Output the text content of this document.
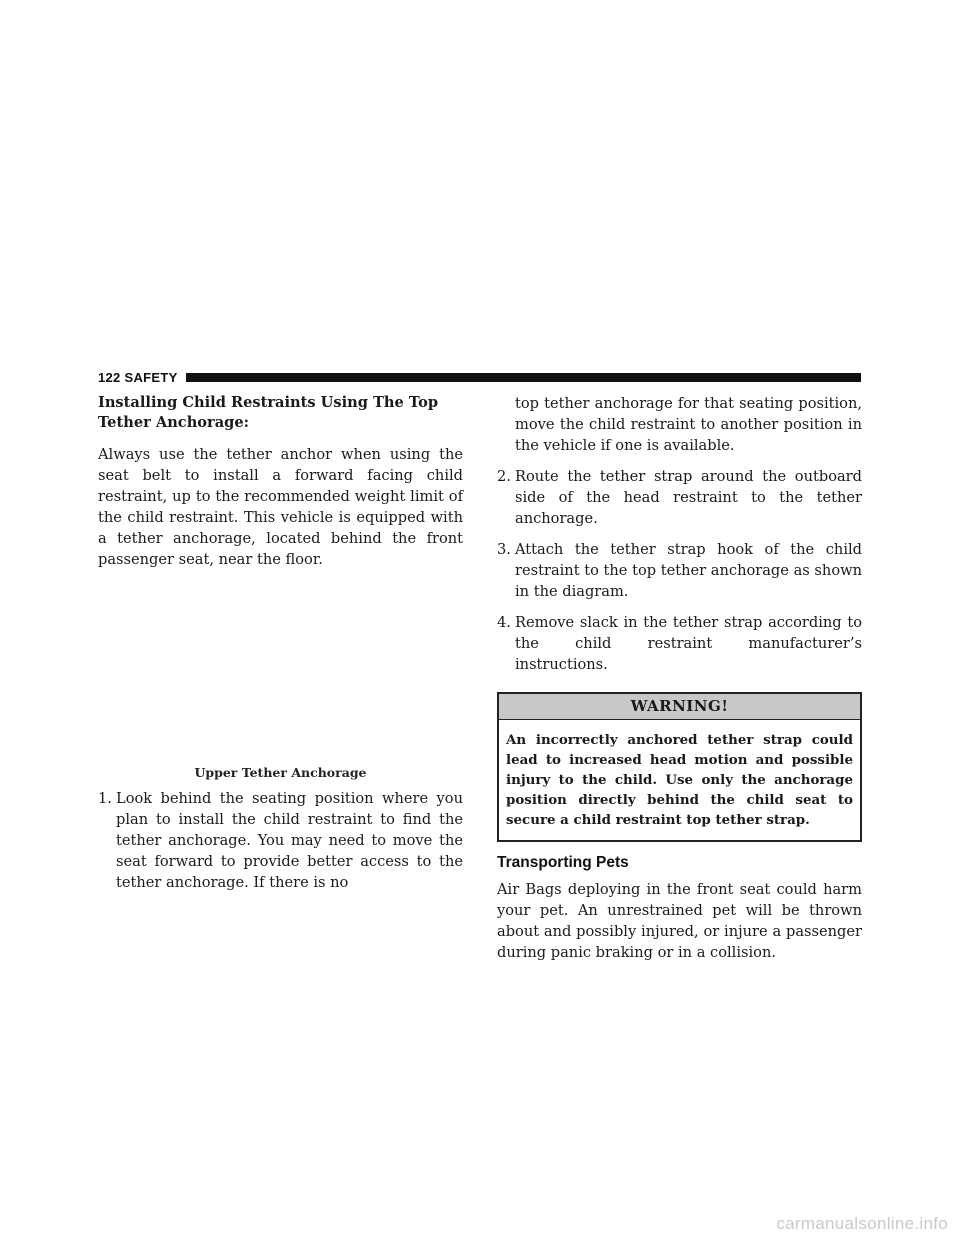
122 SAFETY

Installing Child Restraints Using The Top Tether Anchorage:

Always use the tether anchor when using the seat belt to install a forward facing child restraint, up to the recommended weight limit of the child restraint. This vehicle is equipped with a tether anchorage, located behind the front passenger seat, near the floor.

Upper Tether Anchorage

1. Look behind the seating position where you plan to install the child restraint to find the tether anchorage. You may need to move the seat forward to provide better access to the tether anchorage. If there is no

top tether anchorage for that seating position, move the child restraint to another position in the vehicle if one is available.

2. Route the tether strap around the outboard side of the head restraint to the tether anchorage.
3. Attach the tether strap hook of the child restraint to the top tether anchorage as shown in the diagram.
4. Remove slack in the tether strap according to the child restraint manufacturer’s instructions.
WARNING!
An incorrectly anchored tether strap could lead to increased head motion and possible injury to the child. Use only the anchorage position directly behind the child seat to secure a child restraint top tether strap.
Transporting Pets

Air Bags deploying in the front seat could harm your pet. An unrestrained pet will be thrown about and possibly injured, or injure a passenger during panic braking or in a collision.

carmanualsonline.info
